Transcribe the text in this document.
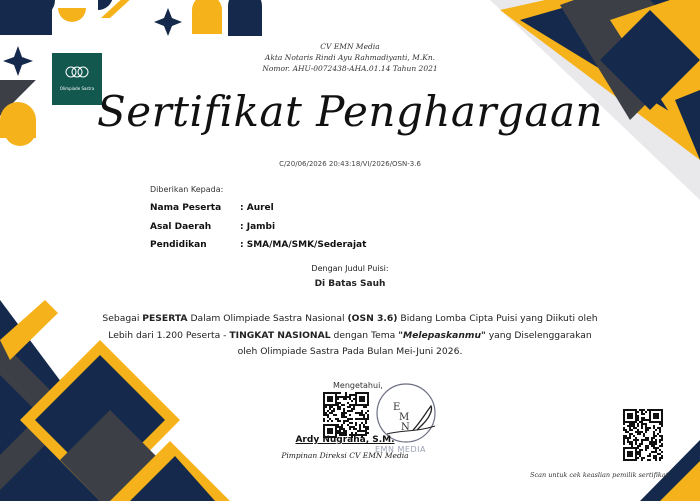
Olimpiade Sastra
CV EMN Media
Akta Notaris Rindi Ayu Rahmadiyanti, M.Kn.
Nomor. AHU-0072438-AHA.01.14 Tahun 2021
Sertifikat Penghargaan
C/20/06/2026 20:43:18/VI/2026/OSN-3.6
Diberikan Kepada:
Nama Peserta : Aurel
Asal Daerah	: Jambi
Pendidikan	: SMA/MA/SMK/Sederajat
Dengan Judul Puisi:
Di Batas Sauh
Sebagai PESERTA Dalam Olimpiade Sastra Nasional (OSN 3.6) Bidang Lomba Cipta Puisi yang Diikuti oleh
Lebih dari 1.200 Peserta - TINGKAT NASIONAL dengan Tema "Melepaskanmu" yang Diselenggarakan
oleh Olimpiade Sastra Pada Bulan Mei-Juni 2026.
Mengetahui,
E
M
N
EMN MEDIA
Ardy Nugraha, S.M.
Pimpinan Direksi CV EMN Media
Scan untuk cek keaslian pemilik sertifikat.
